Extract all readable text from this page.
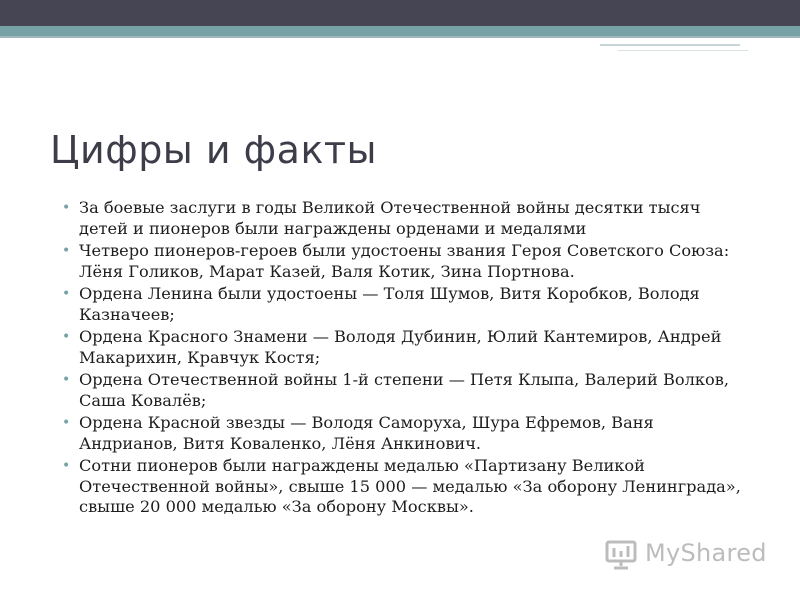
Цифры и факты
• За боевые заслуги в годы Великой Отечественной войны десятки тысяч детей и пионеров были награждены орденами и медалями
• Четверо пионеров-героев были удостоены звания Героя Советского Союза: Лёня Голиков, Марат Казей, Валя Котик, Зина Портнова.
• Ордена Ленина были удостоены — Толя Шумов, Витя Коробков, Володя Казначеев;
• Ордена Красного Знамени — Володя Дубинин, Юлий Кантемиров, Андрей Макарихин, Кравчук Костя;
• Ордена Отечественной войны 1-й степени — Петя Клыпа, Валерий Волков, Саша Ковалёв;
• Ордена Красной звезды — Володя Саморуха, Шура Ефремов, Ваня Андрианов, Витя Коваленко, Лёня Анкинович.
• Сотни пионеров были награждены медалью «Партизану Великой Отечественной войны», свыше 15 000 — медалью «За оборону Ленинграда», свыше 20 000 медалью «За оборону Москвы».
MyShared
